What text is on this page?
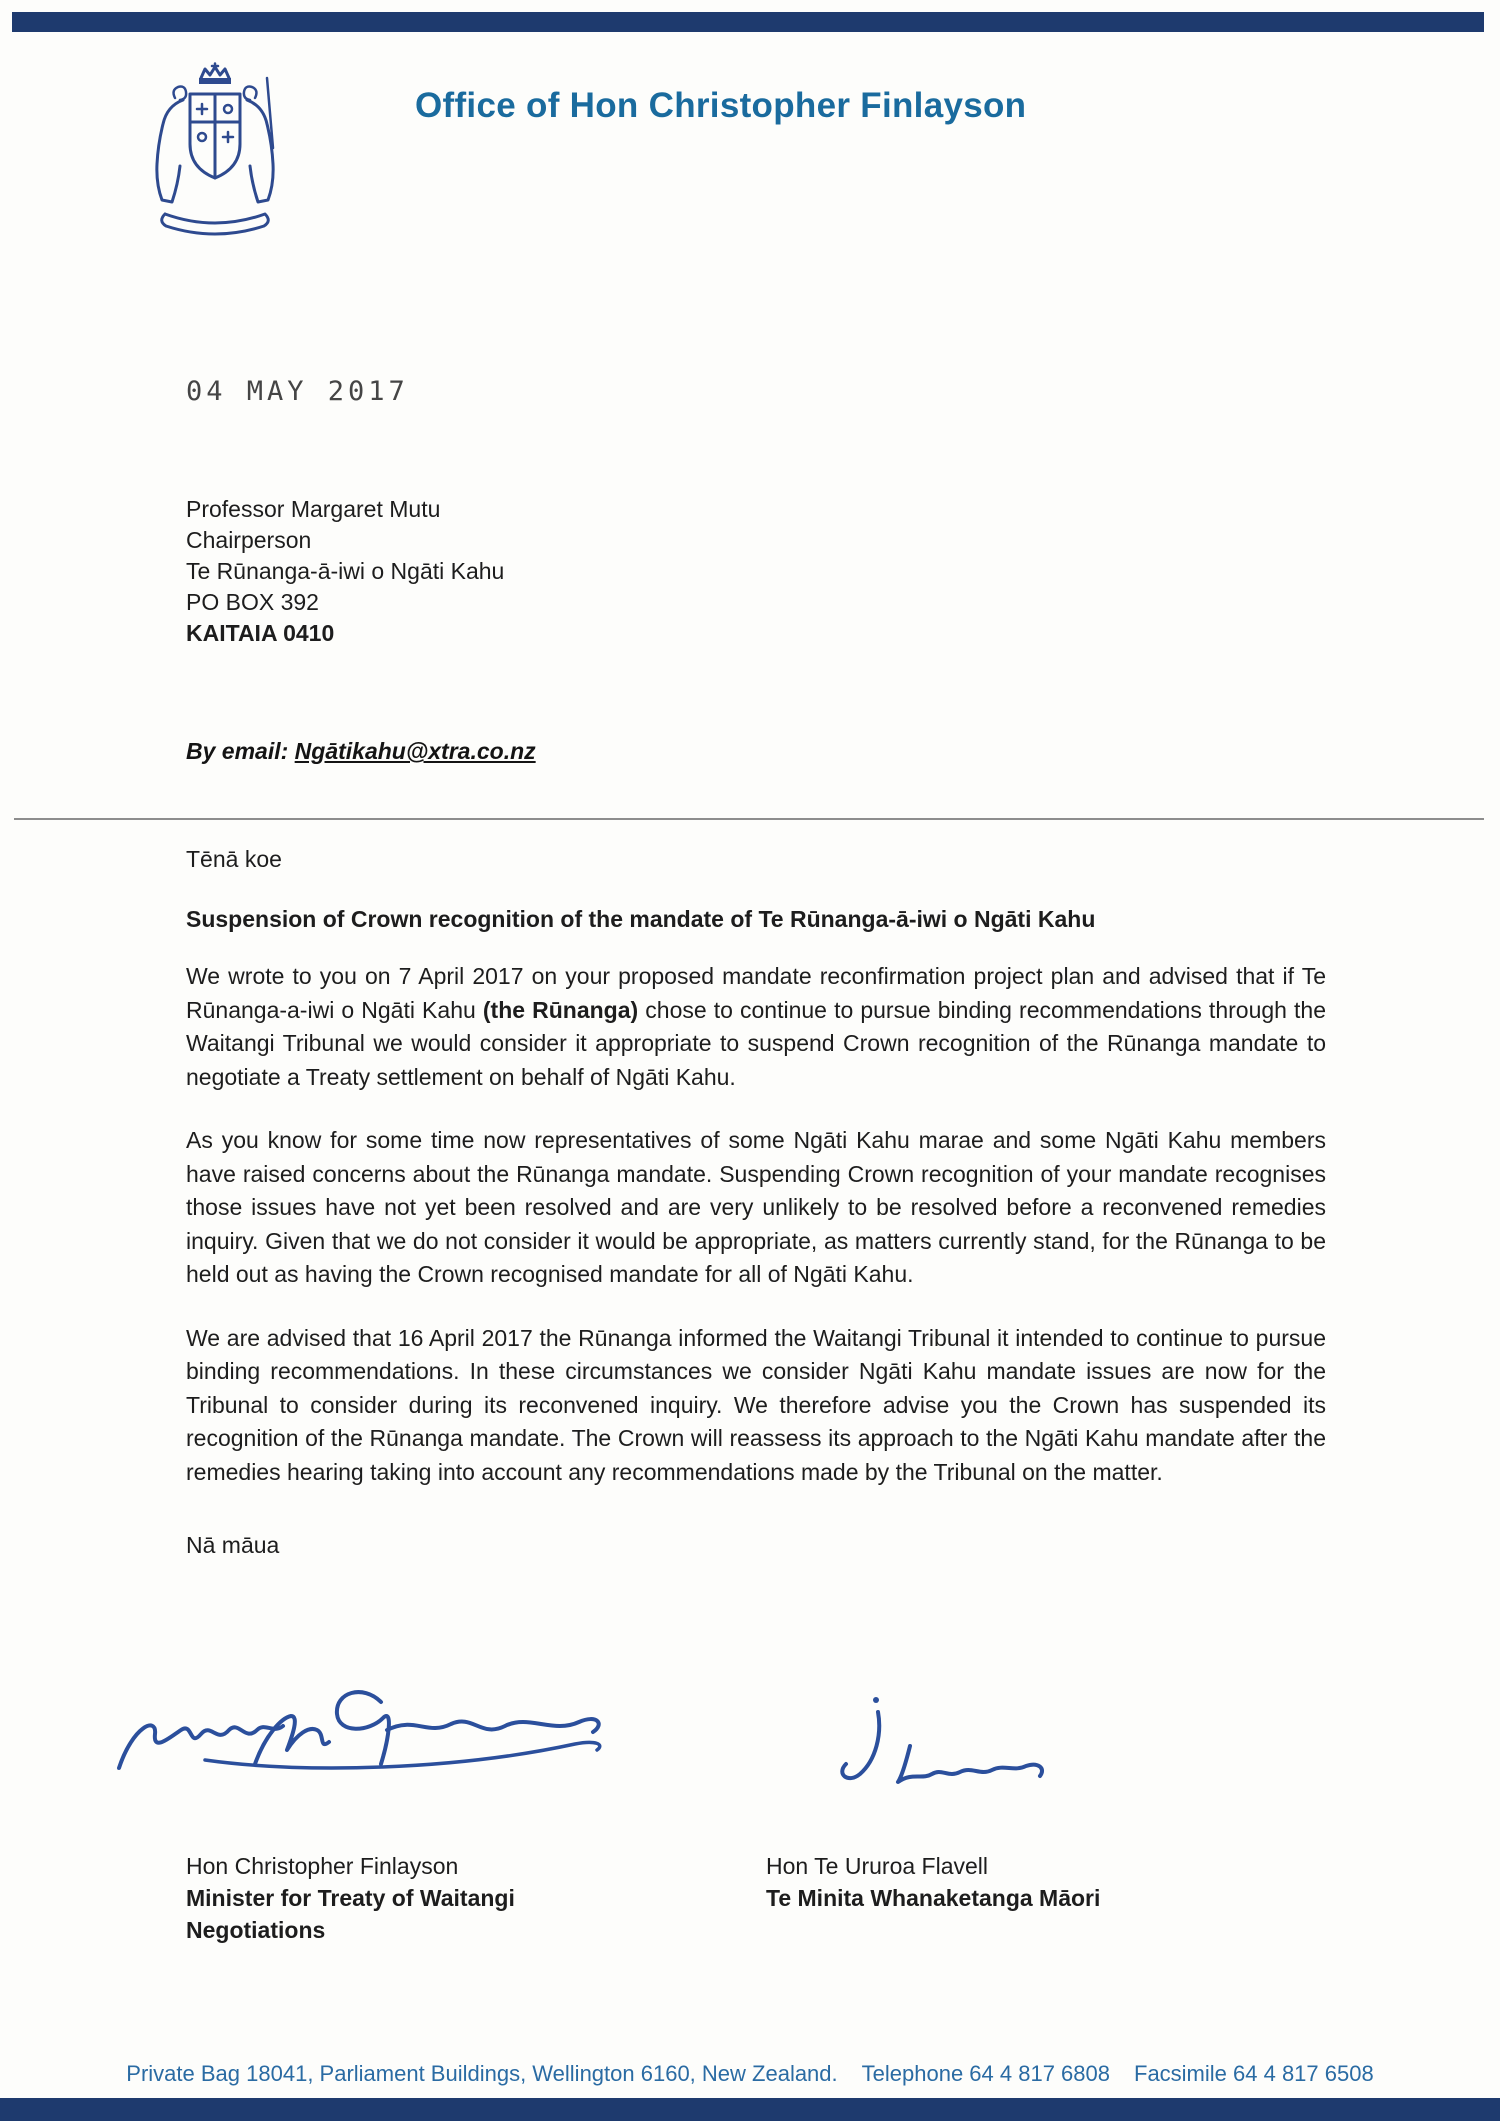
Office of Hon Christopher Finlayson
04 MAY 2017
Professor Margaret Mutu
Chairperson
Te Rūnanga-ā-iwi o Ngāti Kahu
PO BOX 392
KAITAIA 0410
By email: Ngātikahu@xtra.co.nz
Tēnā koe
Suspension of Crown recognition of the mandate of Te Rūnanga-ā-iwi o Ngāti Kahu

We wrote to you on 7 April 2017 on your proposed mandate reconfirmation project plan and advised that if Te Rūnanga-a-iwi o Ngāti Kahu (the Rūnanga) chose to continue to pursue binding recommendations through the Waitangi Tribunal we would consider it appropriate to suspend Crown recognition of the Rūnanga mandate to negotiate a Treaty settlement on behalf of Ngāti Kahu.

As you know for some time now representatives of some Ngāti Kahu marae and some Ngāti Kahu members have raised concerns about the Rūnanga mandate. Suspending Crown recognition of your mandate recognises those issues have not yet been resolved and are very unlikely to be resolved before a reconvened remedies inquiry. Given that we do not consider it would be appropriate, as matters currently stand, for the Rūnanga to be held out as having the Crown recognised mandate for all of Ngāti Kahu.

We are advised that 16 April 2017 the Rūnanga informed the Waitangi Tribunal it intended to continue to pursue binding recommendations. In these circumstances we consider Ngāti Kahu mandate issues are now for the Tribunal to consider during its reconvened inquiry. We therefore advise you the Crown has suspended its recognition of the Rūnanga mandate. The Crown will reassess its approach to the Ngāti Kahu mandate after the remedies hearing taking into account any recommendations made by the Tribunal on the matter.

Nā māua
Hon Christopher Finlayson
Minister for Treaty of Waitangi Negotiations
Hon Te Ururoa Flavell
Te Minita Whanaketanga Māori
Private Bag 18041, Parliament Buildings, Wellington 6160, New Zealand. Telephone 64 4 817 6808 Facsimile 64 4 817 6508
